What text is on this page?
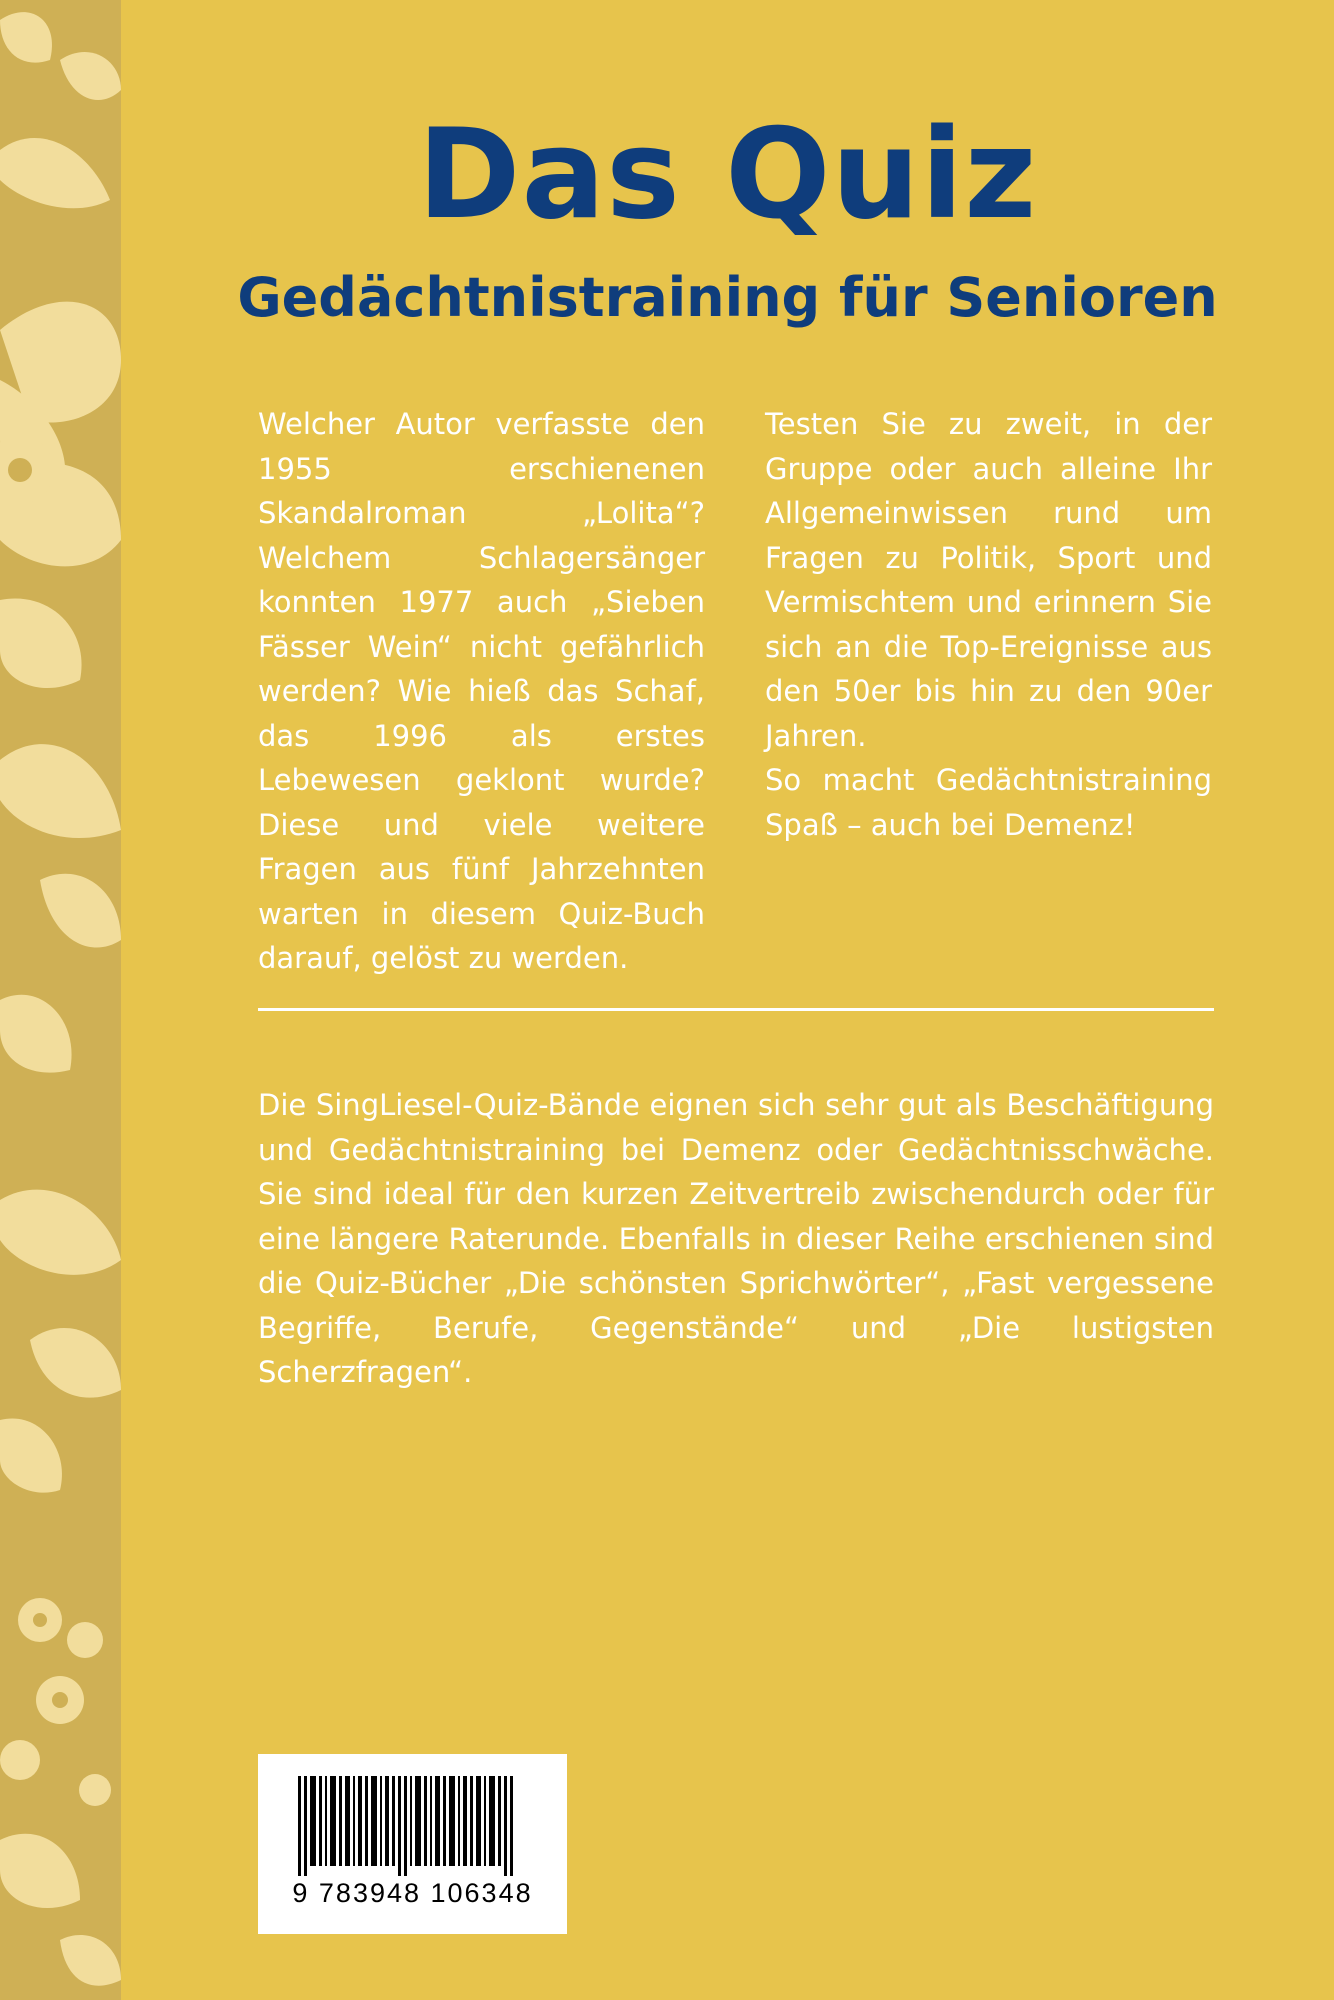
Das Quiz
Gedächtnistraining für Senioren

Welcher Autor verfasste den 1955 erschienenen Skandalroman „Lolita“? Welchem Schlagersänger konnten 1977 auch „Sieben Fässer Wein“ nicht gefährlich werden? Wie hieß das Schaf, das 1996 als erstes Lebewesen geklont wurde? Diese und viele weitere Fragen aus fünf Jahrzehnten warten in diesem Quiz-Buch darauf, gelöst zu werden.

Testen Sie zu zweit, in der Gruppe oder auch alleine Ihr Allgemeinwissen rund um Fragen zu Politik, Sport und Vermischtem und erinnern Sie sich an die Top-Ereignisse aus den 50er bis hin zu den 90er Jahren.

So macht Gedächtnistraining Spaß – auch bei Demenz!

Die SingLiesel-Quiz-Bände eignen sich sehr gut als Beschäftigung und Gedächtnistraining bei Demenz oder Gedächtnisschwäche. Sie sind ideal für den kurzen Zeitvertreib zwischendurch oder für eine längere Raterunde. Ebenfalls in dieser Reihe erschienen sind die Quiz-Bücher „Die schönsten Sprichwörter“, „Fast vergessene Begriffe, Berufe, Gegenstände“ und „Die lustigsten Scherzfragen“.

9 783948 106348
